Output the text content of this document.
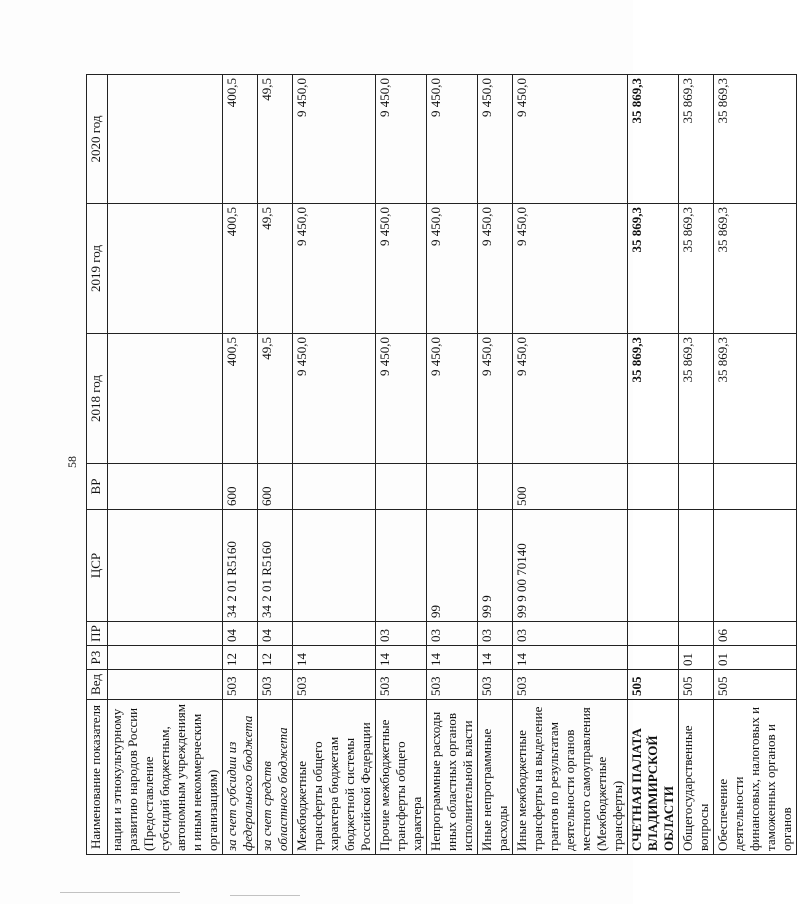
58
Наименование показателя	Вед	РЗ	ПР	ЦСР	ВР	2018 год	2019 год	2020 год
нации и этнокультурному развитию народов России (Предоставление субсидий бюджетным, автономным учреждениям и иным некоммерческим организациям)								
за счет субсидии из федерального бюджета	503	12	04	34 2 01 R5160	600	400,5	400,5	400,5
за счет средств областного бюджета	503	12	04	34 2 01 R5160	600	49,5	49,5	49,5
Межбюджетные трансферты общего характера бюджетам бюджетной системы Российской Федерации	503	14				9 450,0	9 450,0	9 450,0
Прочие межбюджетные трансферты общего характера	503	14	03			9 450,0	9 450,0	9 450,0
Непрограммные расходы иных областных органов исполнительной власти	503	14	03	99		9 450,0	9 450,0	9 450,0
Иные непрограммные расходы	503	14	03	99 9		9 450,0	9 450,0	9 450,0
Иные межбюджетные трансферты на выделение грантов по результатам деятельности органов местного самоуправления (Межбюджетные трансферты)	503	14	03	99 9 00 70140	500	9 450,0	9 450,0	9 450,0
СЧЕТНАЯ ПАЛАТА ВЛАДИМИРСКОЙ ОБЛАСТИ	505					35 869,3	35 869,3	35 869,3
Общегосударственные вопросы	505	01				35 869,3	35 869,3	35 869,3
Обеспечение деятельности финансовых, налоговых и таможенных органов и органов	505	01	06			35 869,3	35 869,3	35 869,3
